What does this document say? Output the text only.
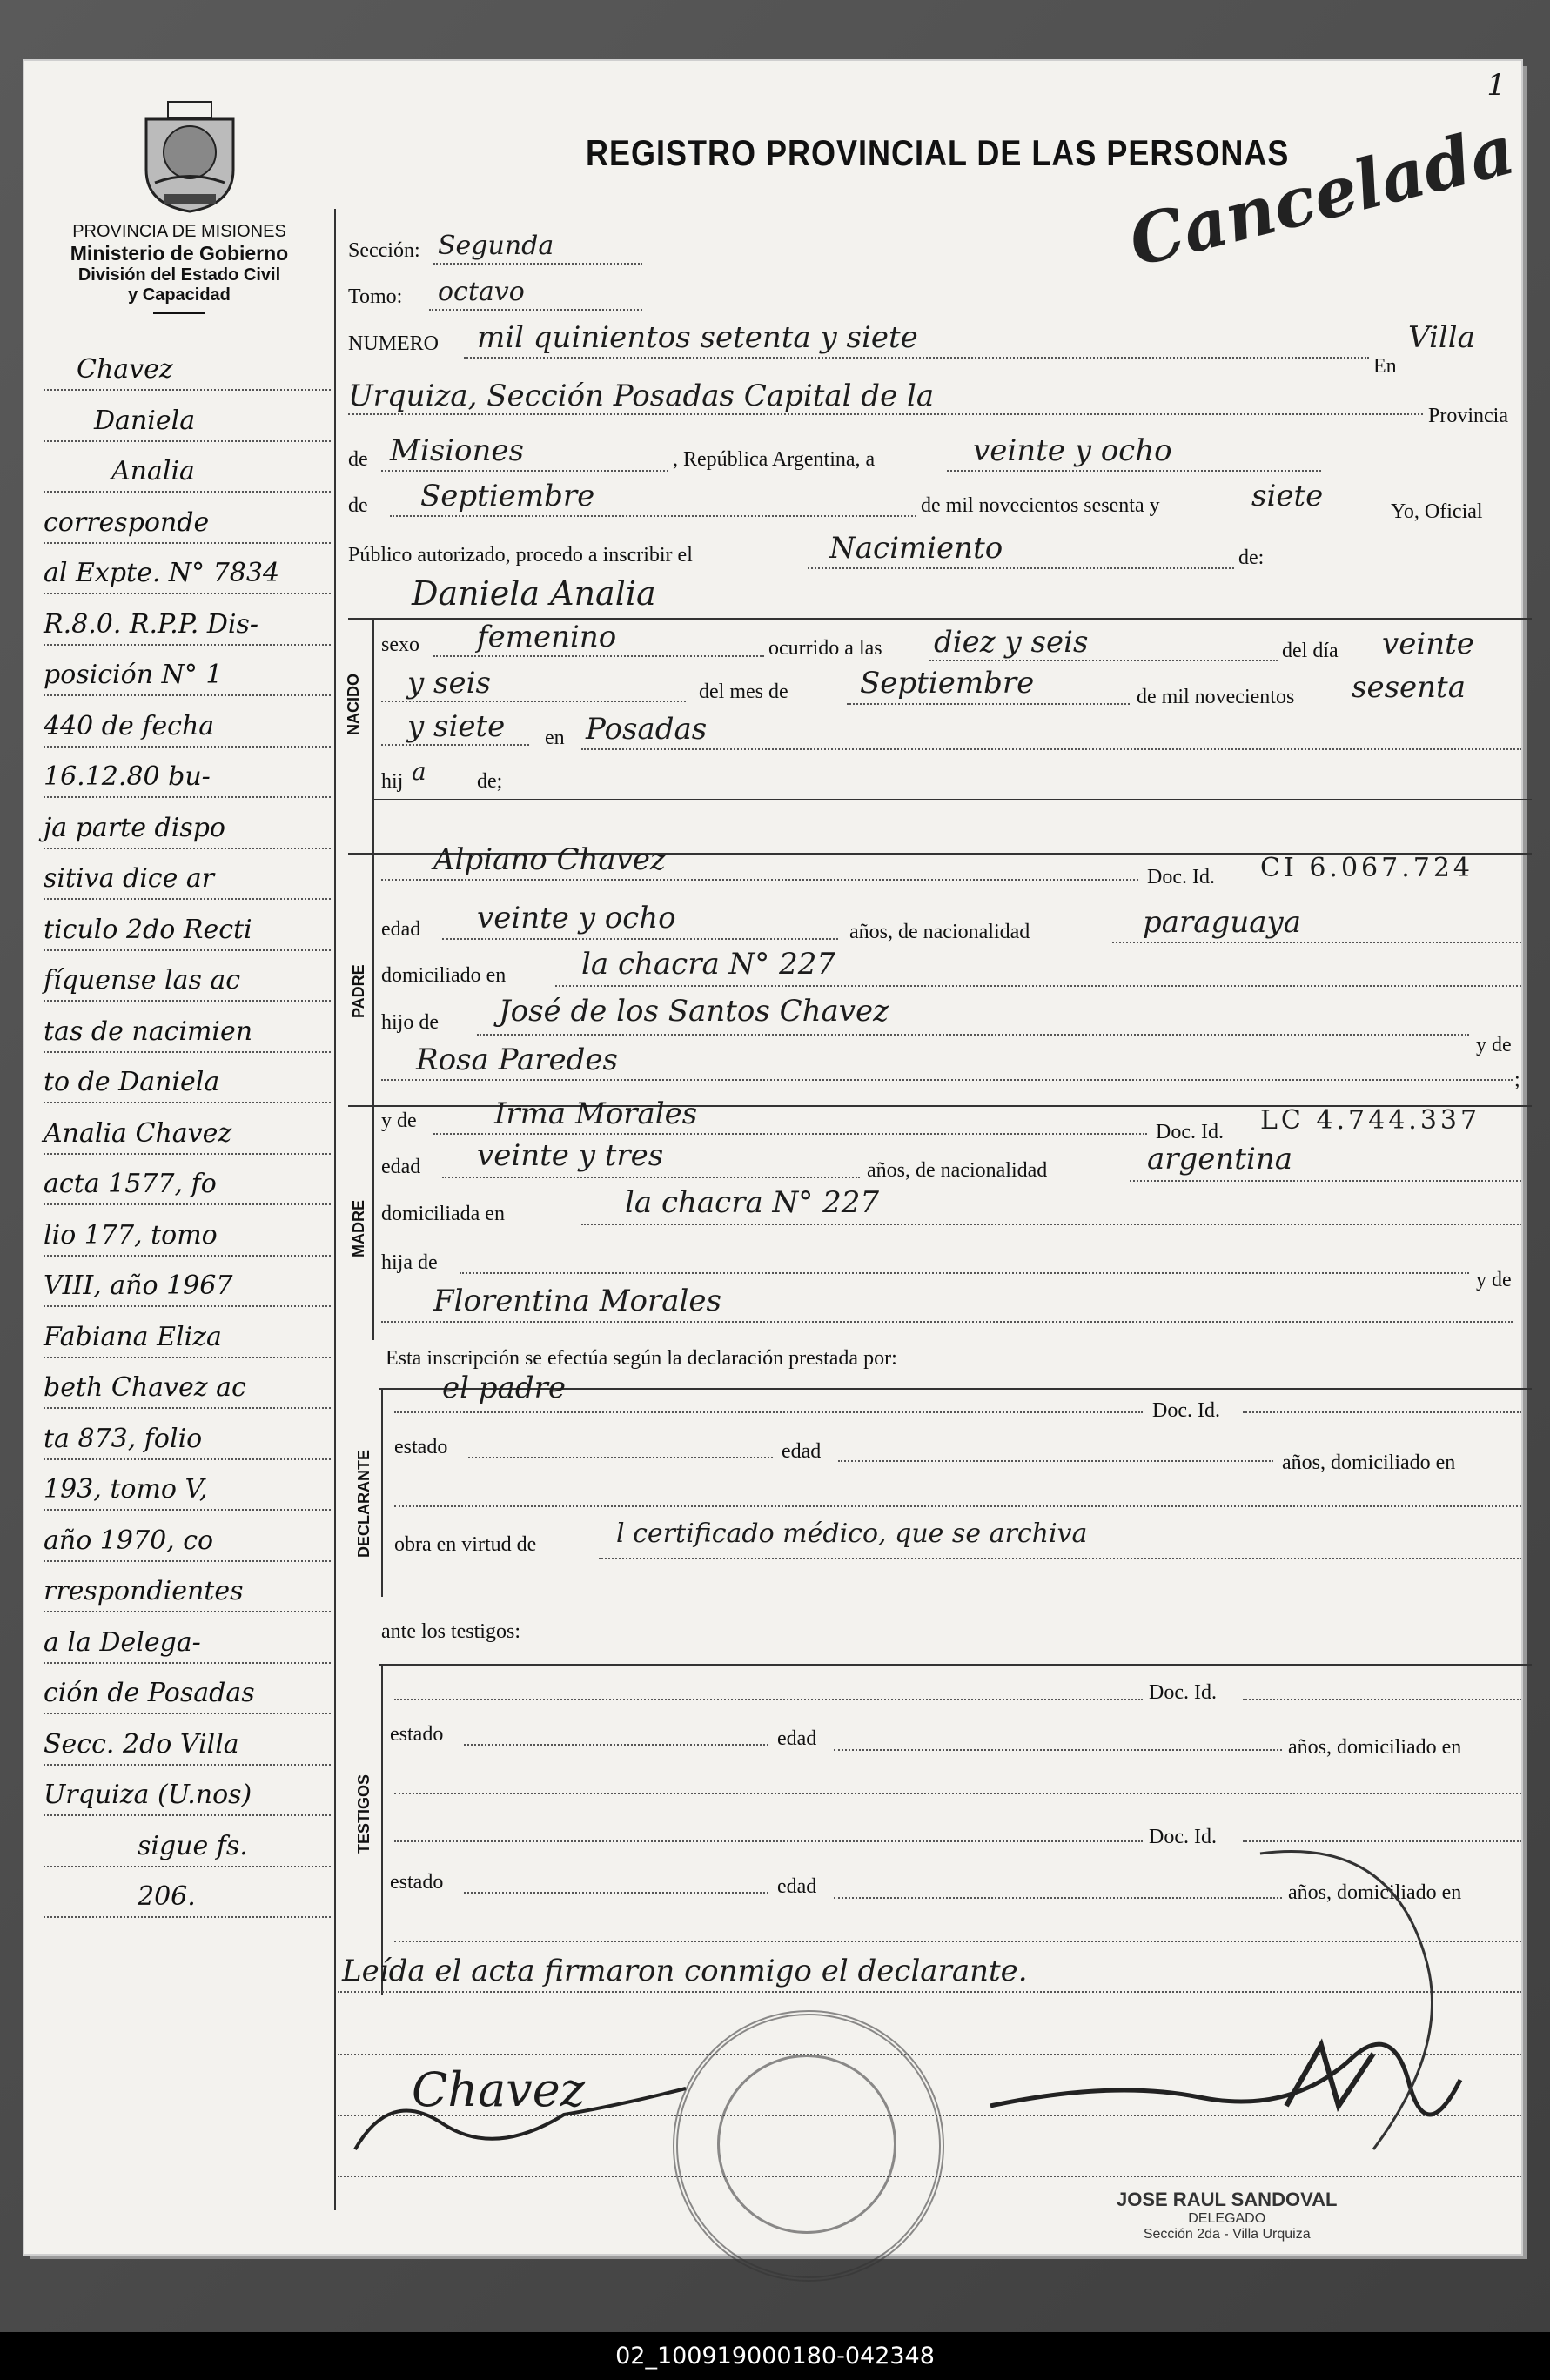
1
REGISTRO PROVINCIAL DE LAS PERSONAS
Cancelada
PROVINCIA DE MISIONES
Ministerio de Gobierno
División del Estado Civil
y Capacidad
Chavez
Daniela
Analia
corresponde
al Expte. N° 7834
R.8.0. R.P.P. Dis-
posición N° 1
440 de fecha
16.12.80 bu-
ja parte dispo
sitiva dice ar
ticulo 2do Recti
fíquense las ac
tas de nacimien
to de Daniela
Analia Chavez
acta 1577, fo
lio 177, tomo
VIII, año 1967
Fabiana Eliza
beth Chavez ac
ta 873, folio
193, tomo V,
año 1970, co
rrespondientes
a la Delega-
ción de Posadas
Secc. 2do Villa
Urquiza (U.nos)
sigue fs.
206.
Sección: Segunda
Tomo: octavo
NUMERO mil quinientos setenta y siete
En
Villa
Urquiza, Sección Posadas Capital de la
Provincia
de Misiones	, República Argentina, a	veinte y ocho
de Septiembre	de mil novecientos sesenta y	siete	Yo, Oficial
Público autorizado, procedo a inscribir el	Nacimiento	de:
Daniela Analia
NACIDO
sexo femenino	ocurrido a las diez y seis	del día veinte
y seis	del mes de Septiembre	de mil novecientos sesenta
y siete en Posadas
hij a de;
PADRE
Alpiano Chavez	Doc. Id. CI 6.067.724
edad veinte y ocho	años, de nacionalidad	paraguaya
domiciliado en	la chacra N° 227
hijo de José de los Santos Chavez
y de
Rosa Paredes
;
MADRE
y de	Irma Morales
Doc. Id. LC 4.744.337
edad veinte y tres	años, de nacionalidad	argentina
domiciliada en	la chacra N° 227
hija de
y de
Florentina Morales
Esta inscripción se efectúa según la declaración prestada por:
DECLARANTE
el padre
Doc. Id.
estado	edad	años, domiciliado en
obra en virtud de	l certificado médico, que se archiva
ante los testigos:
TESTIGOS
Doc. Id.
estado	edad	años, domiciliado en
Doc. Id.
estado	edad	años, domiciliado en
Leída el acta firmaron conmigo el declarante.
Chavez
JOSE RAUL SANDOVAL
DELEGADO
Sección 2da - Villa Urquiza
02_100919000180-042348
